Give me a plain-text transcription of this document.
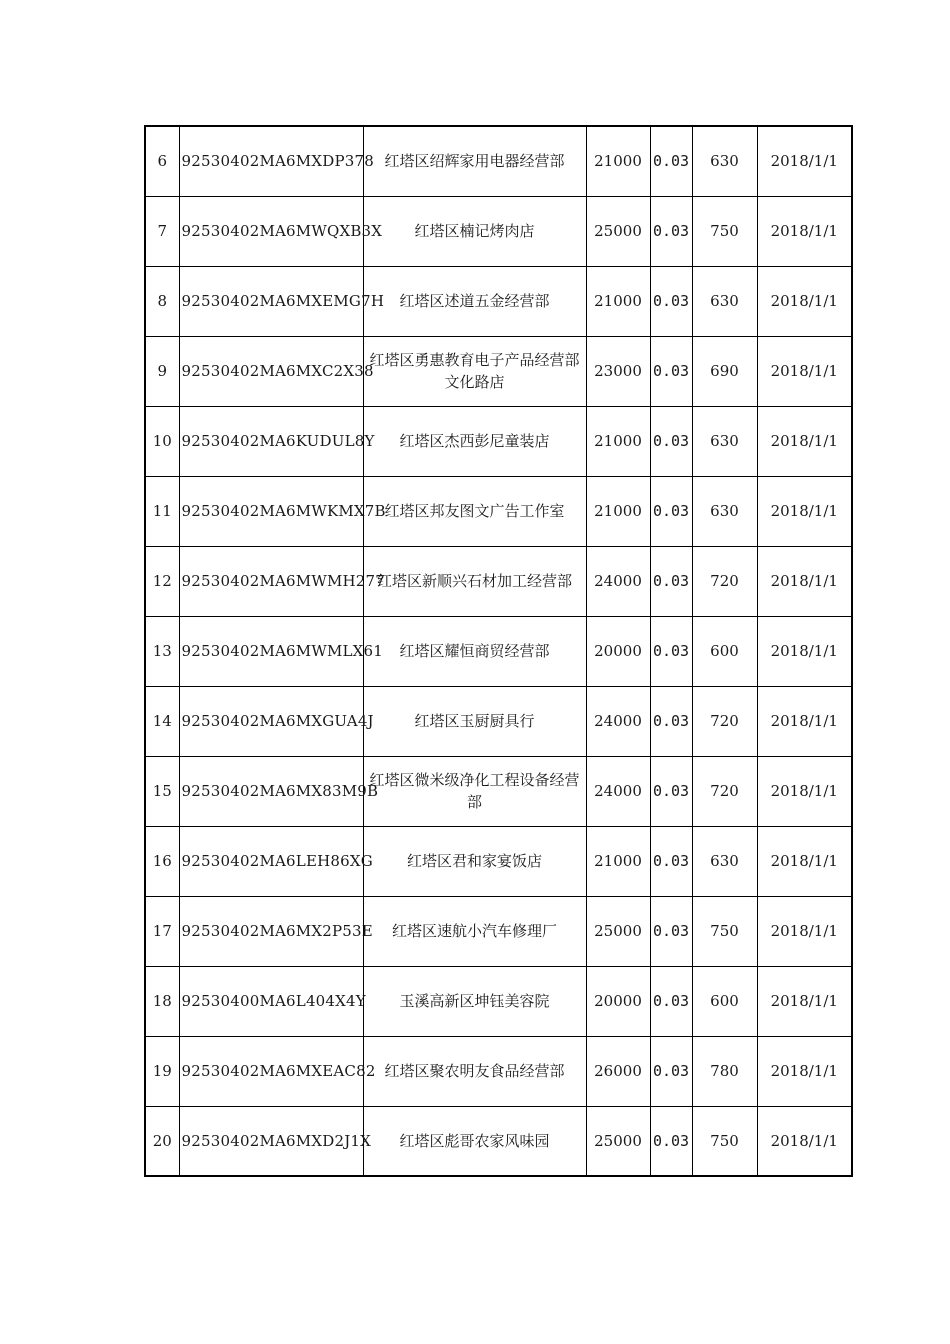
6	92530402MA6MXDP378	红塔区绍辉家用电器经营部	21000	0.03	630	2018/1/1
7	92530402MA6MWQXB3X	红塔区楠记烤肉店	25000	0.03	750	2018/1/1
8	92530402MA6MXEMG7H	红塔区述道五金经营部	21000	0.03	630	2018/1/1
9	92530402MA6MXC2X38	红塔区勇惠教育电子产品经营部文化路店	23000	0.03	690	2018/1/1
10	92530402MA6KUDUL8Y	红塔区杰西彭尼童装店	21000	0.03	630	2018/1/1
11	92530402MA6MWKMX7B	红塔区邦友图文广告工作室	21000	0.03	630	2018/1/1
12	92530402MA6MWMH277	红塔区新顺兴石材加工经营部	24000	0.03	720	2018/1/1
13	92530402MA6MWMLX61	红塔区耀恒商贸经营部	20000	0.03	600	2018/1/1
14	92530402MA6MXGUA4J	红塔区玉厨厨具行	24000	0.03	720	2018/1/1
15	92530402MA6MX83M9B	红塔区微米级净化工程设备经营部	24000	0.03	720	2018/1/1
16	92530402MA6LEH86XG	红塔区君和家宴饭店	21000	0.03	630	2018/1/1
17	92530402MA6MX2P53E	红塔区速航小汽车修理厂	25000	0.03	750	2018/1/1
18	92530400MA6L404X4Y	玉溪高新区坤钰美容院	20000	0.03	600	2018/1/1
19	92530402MA6MXEAC82	红塔区聚农明友食品经营部	26000	0.03	780	2018/1/1
20	92530402MA6MXD2J1X	红塔区彪哥农家风味园	25000	0.03	750	2018/1/1
